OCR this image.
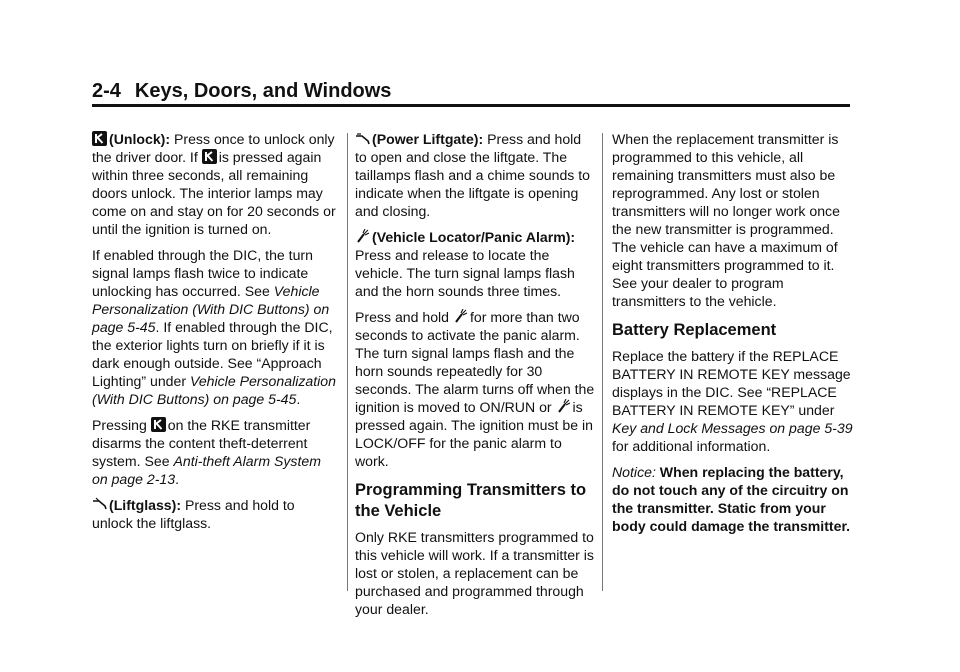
2-4 Keys, Doors, and Windows

(Unlock): Press once to unlock only the driver door. If is pressed again within three seconds, all remaining doors unlock. The interior lamps may come on and stay on for 20 seconds or until the ignition is turned on.

If enabled through the DIC, the turn signal lamps flash twice to indicate unlocking has occurred. See Vehicle Personalization (With DIC Buttons) on page 5-45. If enabled through the DIC, the exterior lights turn on briefly if it is dark enough outside. See “Approach Lighting” under Vehicle Personalization (With DIC Buttons) on page 5-45.

Pressing on the RKE transmitter disarms the content theft-deterrent system. See Anti-theft Alarm System on page 2-13.

(Liftglass): Press and hold to unlock the liftglass.

(Power Liftgate): Press and hold to open and close the liftgate. The taillamps flash and a chime sounds to indicate when the liftgate is opening and closing.

(Vehicle Locator/Panic Alarm): Press and release to locate the vehicle. The turn signal lamps flash and the horn sounds three times.

Press and hold for more than two seconds to activate the panic alarm. The turn signal lamps flash and the horn sounds repeatedly for 30 seconds. The alarm turns off when the ignition is moved to ON/RUN or is pressed again. The ignition must be in LOCK/OFF for the panic alarm to work.

Programming Transmitters to the Vehicle

Only RKE transmitters programmed to this vehicle will work. If a transmitter is lost or stolen, a replacement can be purchased and programmed through your dealer.

When the replacement transmitter is programmed to this vehicle, all remaining transmitters must also be reprogrammed. Any lost or stolen transmitters will no longer work once the new transmitter is programmed. The vehicle can have a maximum of eight transmitters programmed to it. See your dealer to program transmitters to the vehicle.

Battery Replacement

Replace the battery if the REPLACE BATTERY IN REMOTE KEY message displays in the DIC. See “REPLACE BATTERY IN REMOTE KEY” under Key and Lock Messages on page 5-39 for additional information.

Notice: When replacing the battery, do not touch any of the circuitry on the transmitter. Static from your body could damage the transmitter.
